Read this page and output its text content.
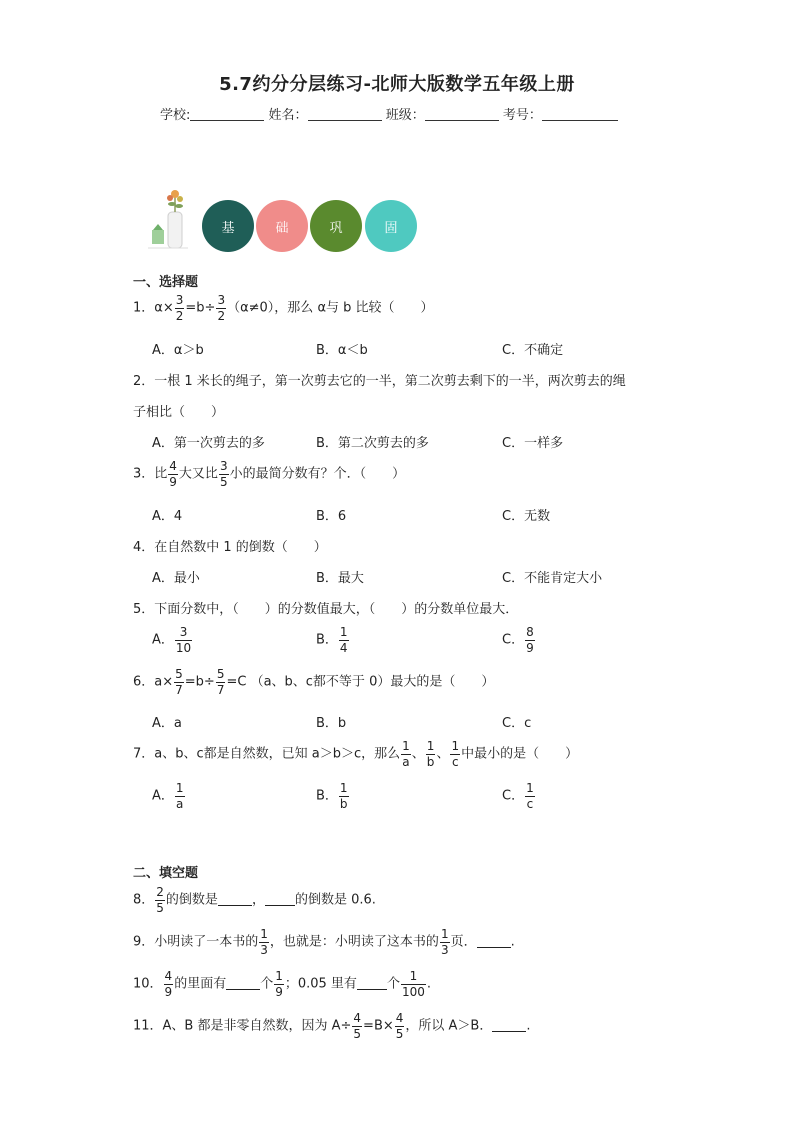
5.7约分分层练习-北师大版数学五年级上册
学校:	姓名：	班级：	考号：
基	础	巩	固
一、选择题
1．$\alpha\times \frac{3}{2} =b\div \frac{3}{2} (\alpha\ne 0)$，那么 α与 b 比较（　　）
A．α＞b	B．α＜b	C．不确定
2．一根 1 米长的绳子，第一次剪去它的一半，第二次剪去剩下的一半，两次剪去的绳
子相比（　　）
A．第一次剪去的多	B．第二次剪去的多	C．一样多
3．比 $\frac{4}{9}$ 大又比 $\frac{3}{5}$ 小的最简分数有？个．（　　）
A．4	B．6	C．无数
4．在自然数中 1 的倒数（　　）
A．最小	B．最大	C．不能肯定大小
5．下面分数中，（　　）的分数值最大，（　　）的分数单位最大．
A． $\frac{3}{10}$	B． $\frac{1}{4}$	C． $\frac{8}{9}$
6．$a\times \frac{5}{7} =b\div \frac{5}{7} =C$ （a、b、c都不等于 0）最大的是（　　）
A．a	B．b	C．c
7．a、b、c都是自然数，已知 a＞b＞c，那么 $\frac{1}{a}$ 、 $\frac{1}{b}$ 、 $\frac{1}{c}$ 中最小的是（　　）
A． $\frac{1}{a}$	B． $\frac{1}{b}$	C． $\frac{1}{c}$
二、填空题
8． $\frac{2}{5}$ 的倒数是	， 的倒数是 0.6.
9．小明读了一本书的 $\frac{1}{3}$ ，也就是：小明读了这本书的 $\frac{1}{3}$ 页．	.
10． $\frac{4}{9}$ 的里面有	个 $\frac{1}{9}$ ；0.05 里有 个 $\frac{1}{100}$ .
11．A、B 都是非零自然数，因为 $A\div \frac{4}{5} =B\times \frac{4}{5}$ ，所以 A＞B．	.
